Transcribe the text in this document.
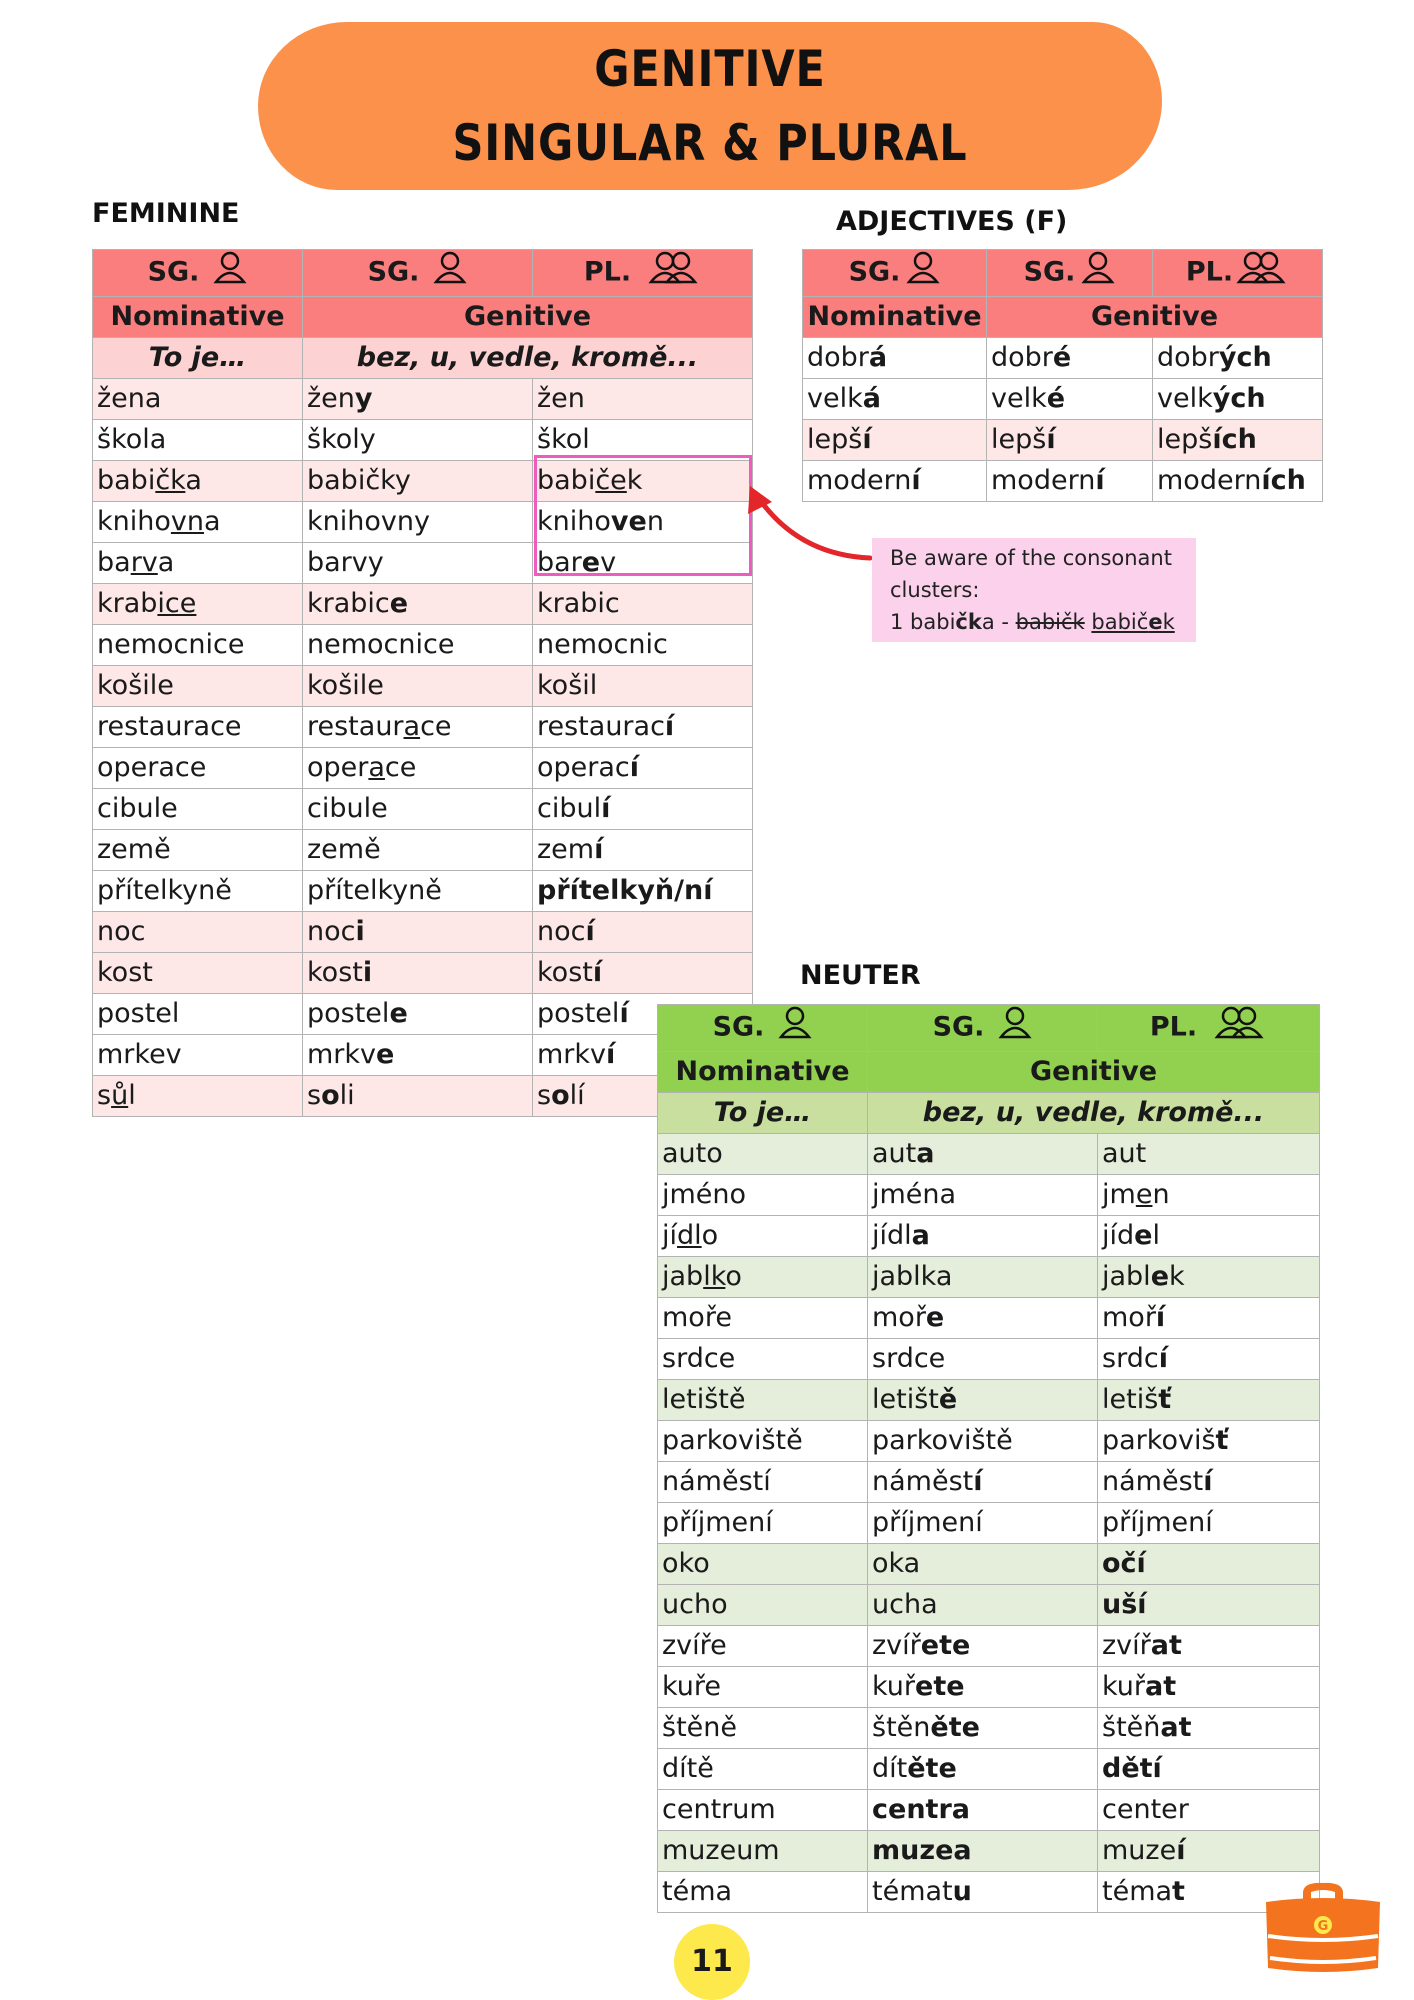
GENITIVE
SINGULAR & PLURAL
FEMININE	ADJECTIVES (F)
NEUTER
SG.	SG.	PL.
Nominative	Genitive	
To je…	bez, u, vedle, kromě...	
žena	ženy	žen
škola	školy	škol
babička	babičky	babiček
knihovna	knihovny	knihoven
barva	barvy	barev
krabice	krabice	krabic
nemocnice	nemocnice	nemocnic
košile	košile	košil
restaurace	restaurace	restaurací
operace	operace	operací
cibule	cibule	cibulí
země	země	zemí
přítelkyně	přítelkyně	přítelkyň/ní
noc	noci	nocí
kost	kosti	kostí
postel	postele	postelí
mrkev	mrkve	mrkví
sůl	soli	solí
SG.	SG.	PL.
Nominative	Genitive	
dobrá	dobré	dobrých
velká	velké	velkých
lepší	lepší	lepších
moderní	moderní	moderních
Be aware of the consonant
clusters:
1 babička - babičk babiček
SG.	SG.	PL.
Nominative	Genitive	
To je…	bez, u, vedle, kromě...	
auto	auta	aut
jméno	jména	jmen
jídlo	jídla	jídel
jablko	jablka	jablek
moře	moře	moří
srdce	srdce	srdcí
letiště	letiště	letišť
parkoviště	parkoviště	parkovišť
náměstí	náměstí	náměstí
příjmení	příjmení	příjmení
oko	oka	očí
ucho	ucha	uší
zvíře	zvířete	zvířat
kuře	kuřete	kuřat
štěně	štěněte	štěňat
dítě	dítěte	dětí
centrum	centra	center
muzeum	muzea	muzeí
téma	tématu	témat
11
G
